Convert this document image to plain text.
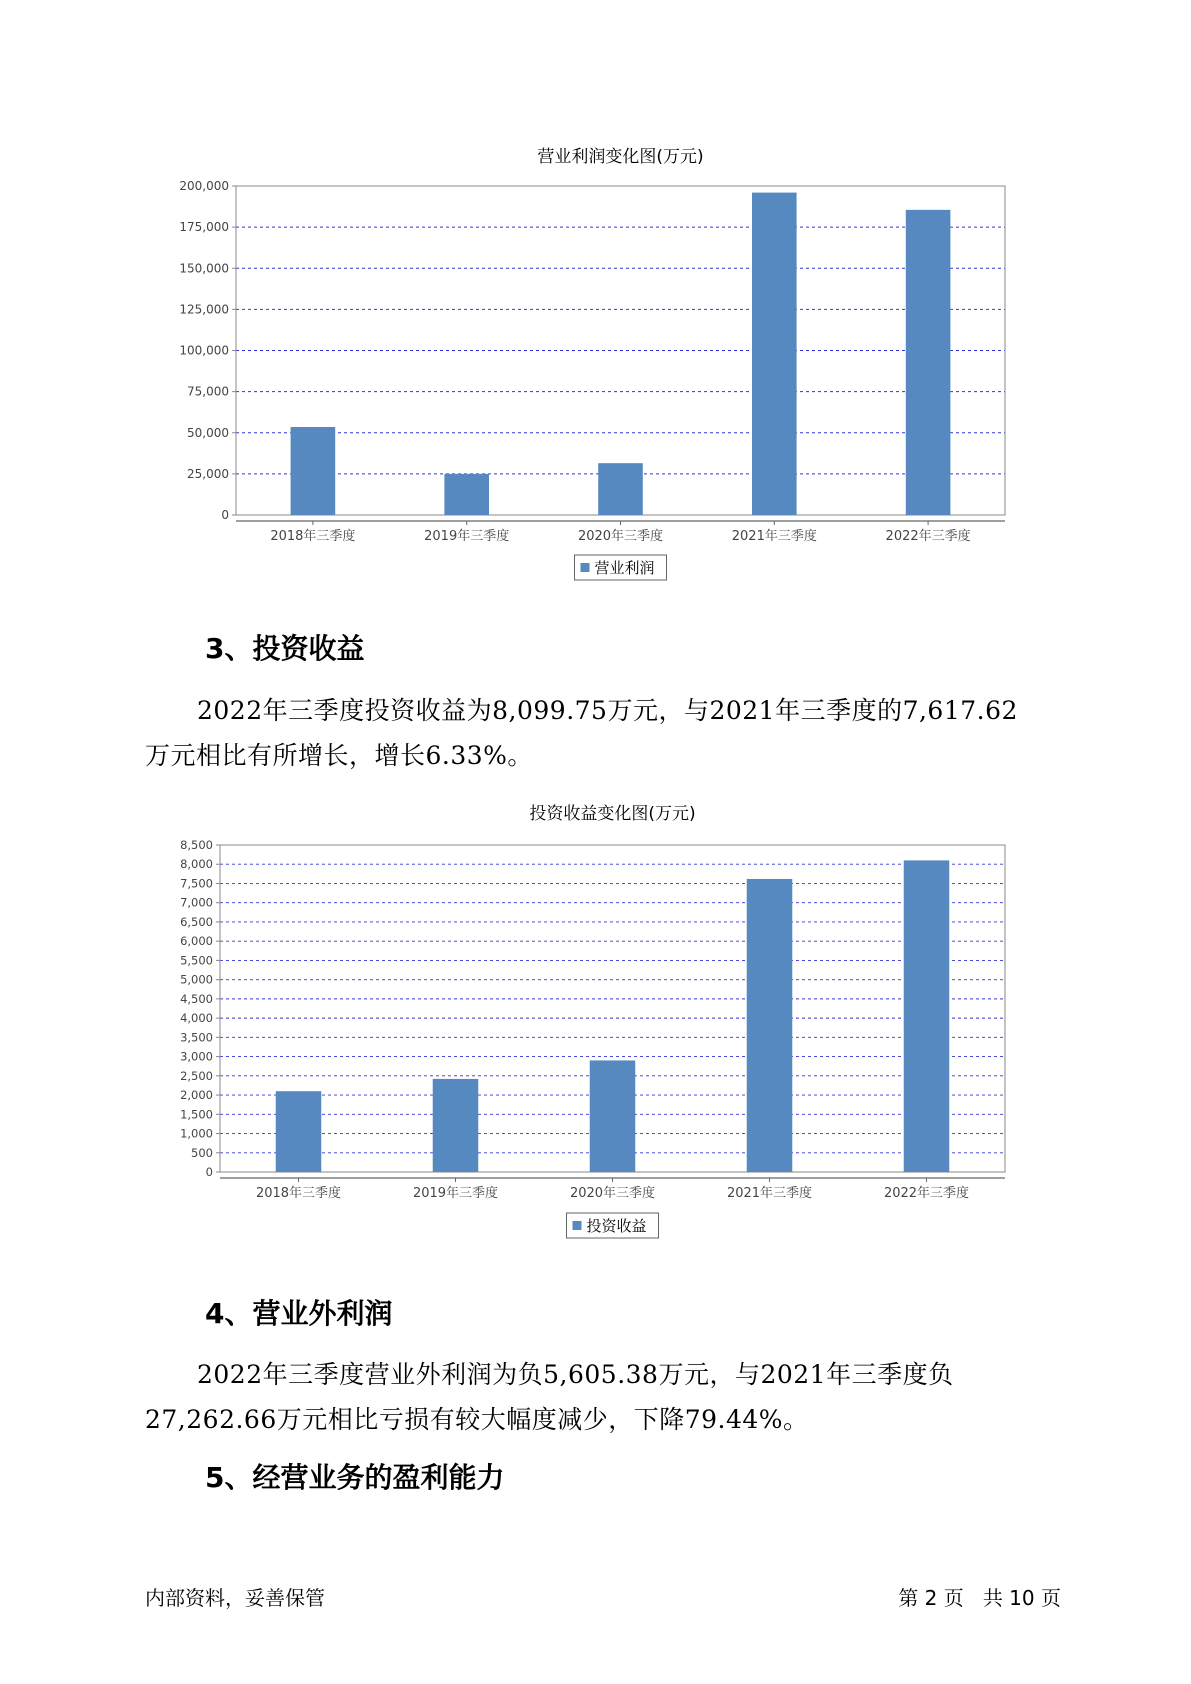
营业利润变化图(万元)
0
25,000
50,000
75,000
100,000
125,000
150,000
175,000
200,000
2018年三季度	2019年三季度	2020年三季度	2021年三季度	2022年三季度
营业利润
投资收益变化图(万元)
0
500
1,000
1,500
2,000
2,500
3,000
3,500
4,000
4,500
5,000
5,500
6,000
6,500
7,000
7,500
8,000
8,500
2018年三季度	2019年三季度	2020年三季度	2021年三季度	2022年三季度
投资收益
3、投资收益
2022年三季度投资收益为8,099.75万元，与2021年三季度的7,617.62
万元相比有所增长，增长6.33%。
4、营业外利润
2022年三季度营业外利润为负5,605.38万元，与2021年三季度负
27,262.66万元相比亏损有较大幅度减少，下降79.44%。
5、经营业务的盈利能力
内部资料，妥善保管	第 2 页   共 10 页
